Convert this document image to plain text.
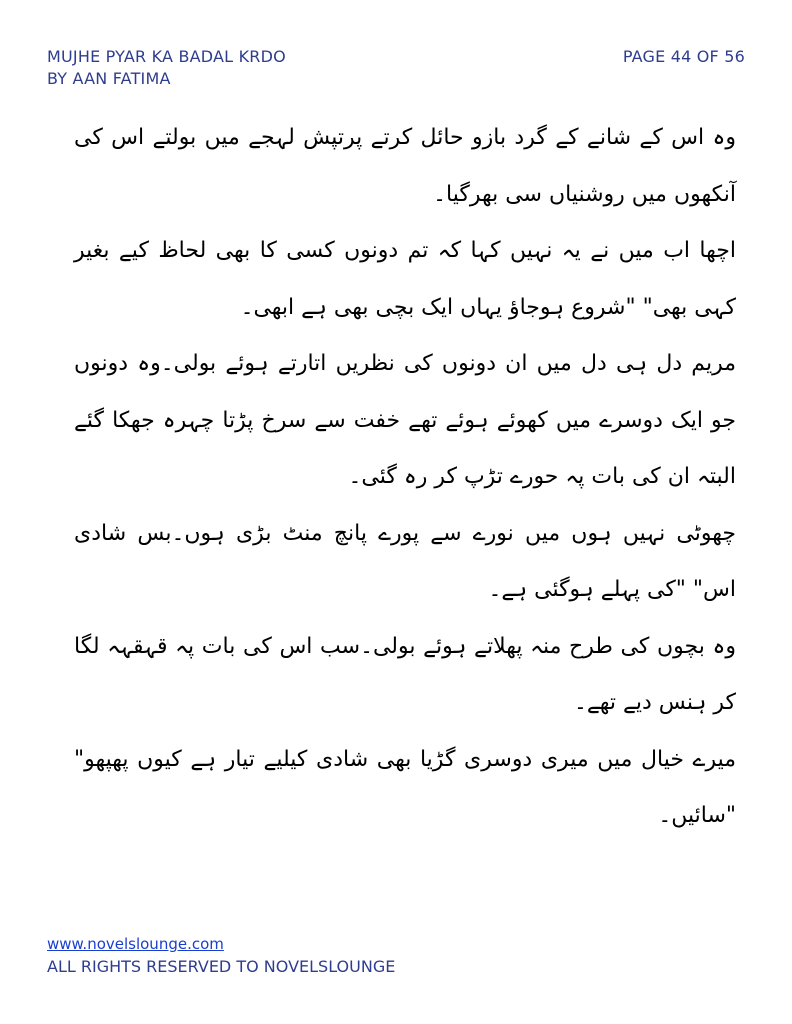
MUJHE PYAR KA BADAL KRDO
BY AAN FATIMA
PAGE 44 OF 56

وہ اس کے شانے کے گرد بازو حائل کرتے پرتپش لہجے میں بولتے اس کی آنکھوں میں روشنیاں سی بھرگیا۔

اچھا اب میں نے یہ نہیں کہا کہ تم دونوں کسی کا بھی لحاظ کیے بغیر کہی بھی" "شروع ہوجاؤ یہاں ایک بچی بھی ہے ابھی۔

مریم دل ہی دل میں ان دونوں کی نظریں اتارتے ہوئے بولی۔وہ دونوں جو ایک دوسرے میں کھوئے ہوئے تھے خفت سے سرخ پڑتا چہرہ جھکا گئے البتہ ان کی بات پہ حورے تڑپ کر رہ گئی۔

چھوٹی نہیں ہوں میں نورے سے پورے پانچ منٹ بڑی ہوں۔بس شادی اس" "کی پہلے ہوگئی ہے۔

وہ بچوں کی طرح منہ پھلاتے ہوئے بولی۔سب اس کی بات پہ قہقہہ لگا کر ہنس دیے تھے۔

میرے خیال میں میری دوسری گڑیا بھی شادی کیلیے تیار ہے کیوں پھپھو" "سائیں۔

www.novelslounge.com
ALL RIGHTS RESERVED TO NOVELSLOUNGE
